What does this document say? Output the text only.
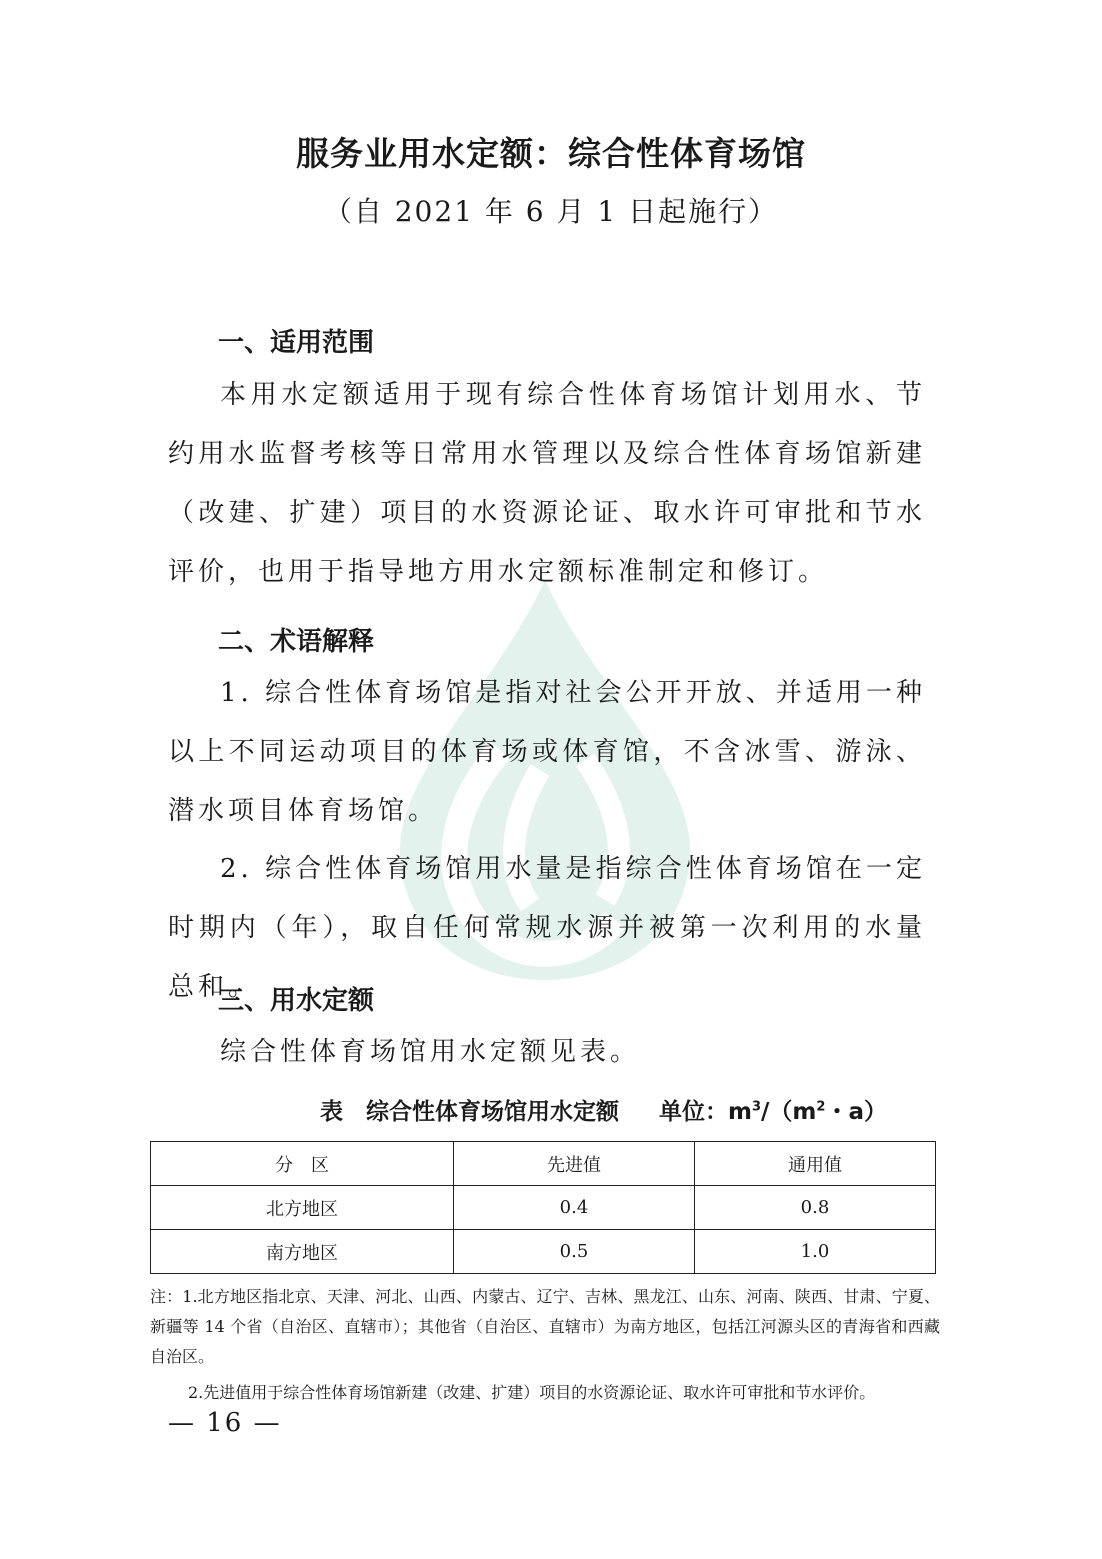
服务业用水定额：综合性体育场馆
（自 2021 年 6 月 1 日起施行）
一、适用范围

本用水定额适用于现有综合性体育场馆计划用水、节约用水监督考核等日常用水管理以及综合性体育场馆新建（改建、扩建）项目的水资源论证、取水许可审批和节水评价，也用于指导地方用水定额标准制定和修订。

二、术语解释

1. 综合性体育场馆是指对社会公开开放、并适用一种以上不同运动项目的体育场或体育馆，不含冰雪、游泳、潜水项目体育场馆。

2. 综合性体育场馆用水量是指综合性体育场馆在一定时期内（年），取自任何常规水源并被第一次利用的水量总和。

三、用水定额

综合性体育场馆用水定额见表。

表　综合性体育场馆用水定额 单位：$m^3/(m^2$・a）
分　区	先进值	通用值
北方地区	0.4	0.8
南方地区	0.5	1.0

注：1.北方地区指北京、天津、河北、山西、内蒙古、辽宁、吉林、黑龙江、山东、河南、陕西、甘肃、宁夏、新疆等 14 个省（自治区、直辖市）；其他省（自治区、直辖市）为南方地区，包括江河源头区的青海省和西藏自治区。

2.先进值用于综合性体育场馆新建（改建、扩建）项目的水资源论证、取水许可审批和节水评价。

— 16 —
